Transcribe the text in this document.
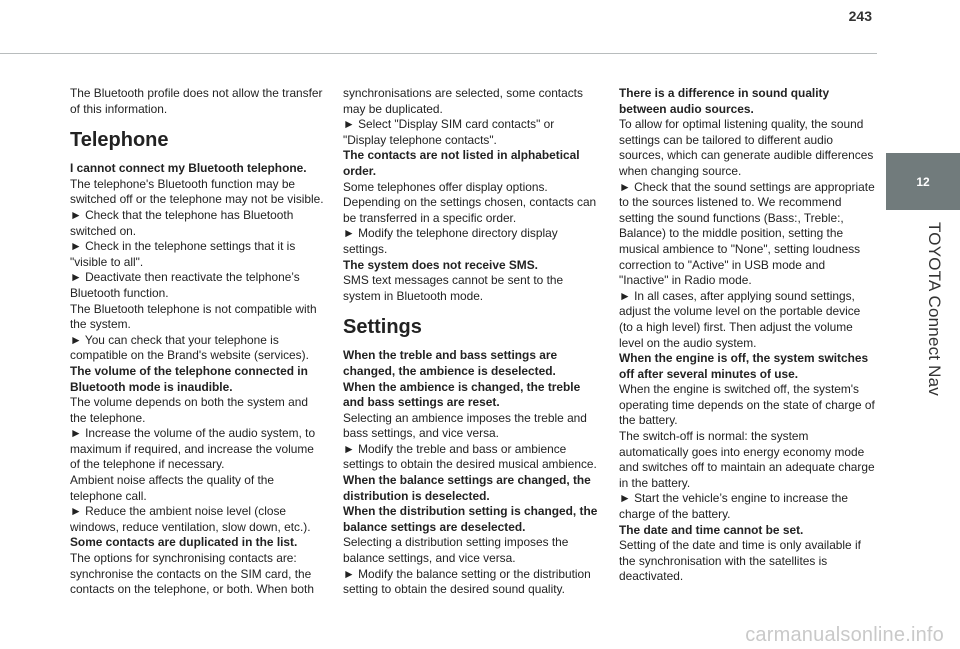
243
12
TOYOTA Connect Nav

The Bluetooth profile does not allow the transfer of this information.

Telephone

I cannot connect my Bluetooth telephone.

The telephone's Bluetooth function may be switched off or the telephone may not be visible.

► Check that the telephone has Bluetooth switched on.

► Check in the telephone settings that it is "visible to all".

► Deactivate then reactivate the telphone’s Bluetooth function.

The Bluetooth telephone is not compatible with the system.

► You can check that your telephone is compatible on the Brand's website (services).

The volume of the telephone connected in Bluetooth mode is inaudible.

The volume depends on both the system and the telephone.

► Increase the volume of the audio system, to maximum if required, and increase the volume of the telephone if necessary.

Ambient noise affects the quality of the telephone call.

► Reduce the ambient noise level (close windows, reduce ventilation, slow down, etc.).

Some contacts are duplicated in the list.

The options for synchronising contacts are: synchronise the contacts on the SIM card, the contacts on the telephone, or both. When both

synchronisations are selected, some contacts may be duplicated.

► Select "Display SIM card contacts" or "Display telephone contacts".

The contacts are not listed in alphabetical order.

Some telephones offer display options. Depending on the settings chosen, contacts can be transferred in a specific order.

► Modify the telephone directory display settings.

The system does not receive SMS.

SMS text messages cannot be sent to the system in Bluetooth mode.

Settings

When the treble and bass settings are changed, the ambience is deselected.

When the ambience is changed, the treble and bass settings are reset.

Selecting an ambience imposes the treble and bass settings, and vice versa.

► Modify the treble and bass or ambience settings to obtain the desired musical ambience.

When the balance settings are changed, the distribution is deselected.

When the distribution setting is changed, the balance settings are deselected.

Selecting a distribution setting imposes the balance settings, and vice versa.

► Modify the balance setting or the distribution setting to obtain the desired sound quality.

There is a difference in sound quality between audio sources.

To allow for optimal listening quality, the sound settings can be tailored to different audio sources, which can generate audible differences when changing source.

► Check that the sound settings are appropriate to the sources listened to. We recommend setting the sound functions (Bass:, Treble:, Balance) to the middle position, setting the musical ambience to "None", setting loudness correction to "Active" in USB mode and "Inactive" in Radio mode.

► In all cases, after applying sound settings, adjust the volume level on the portable device (to a high level) first. Then adjust the volume level on the audio system.

When the engine is off, the system switches off after several minutes of use.

When the engine is switched off, the system's operating time depends on the state of charge of the battery.

The switch-off is normal: the system automatically goes into energy economy mode and switches off to maintain an adequate charge in the battery.

► Start the vehicle’s engine to increase the charge of the battery.

The date and time cannot be set.

Setting of the date and time is only available if the synchronisation with the satellites is deactivated.

carmanualsonline.info
